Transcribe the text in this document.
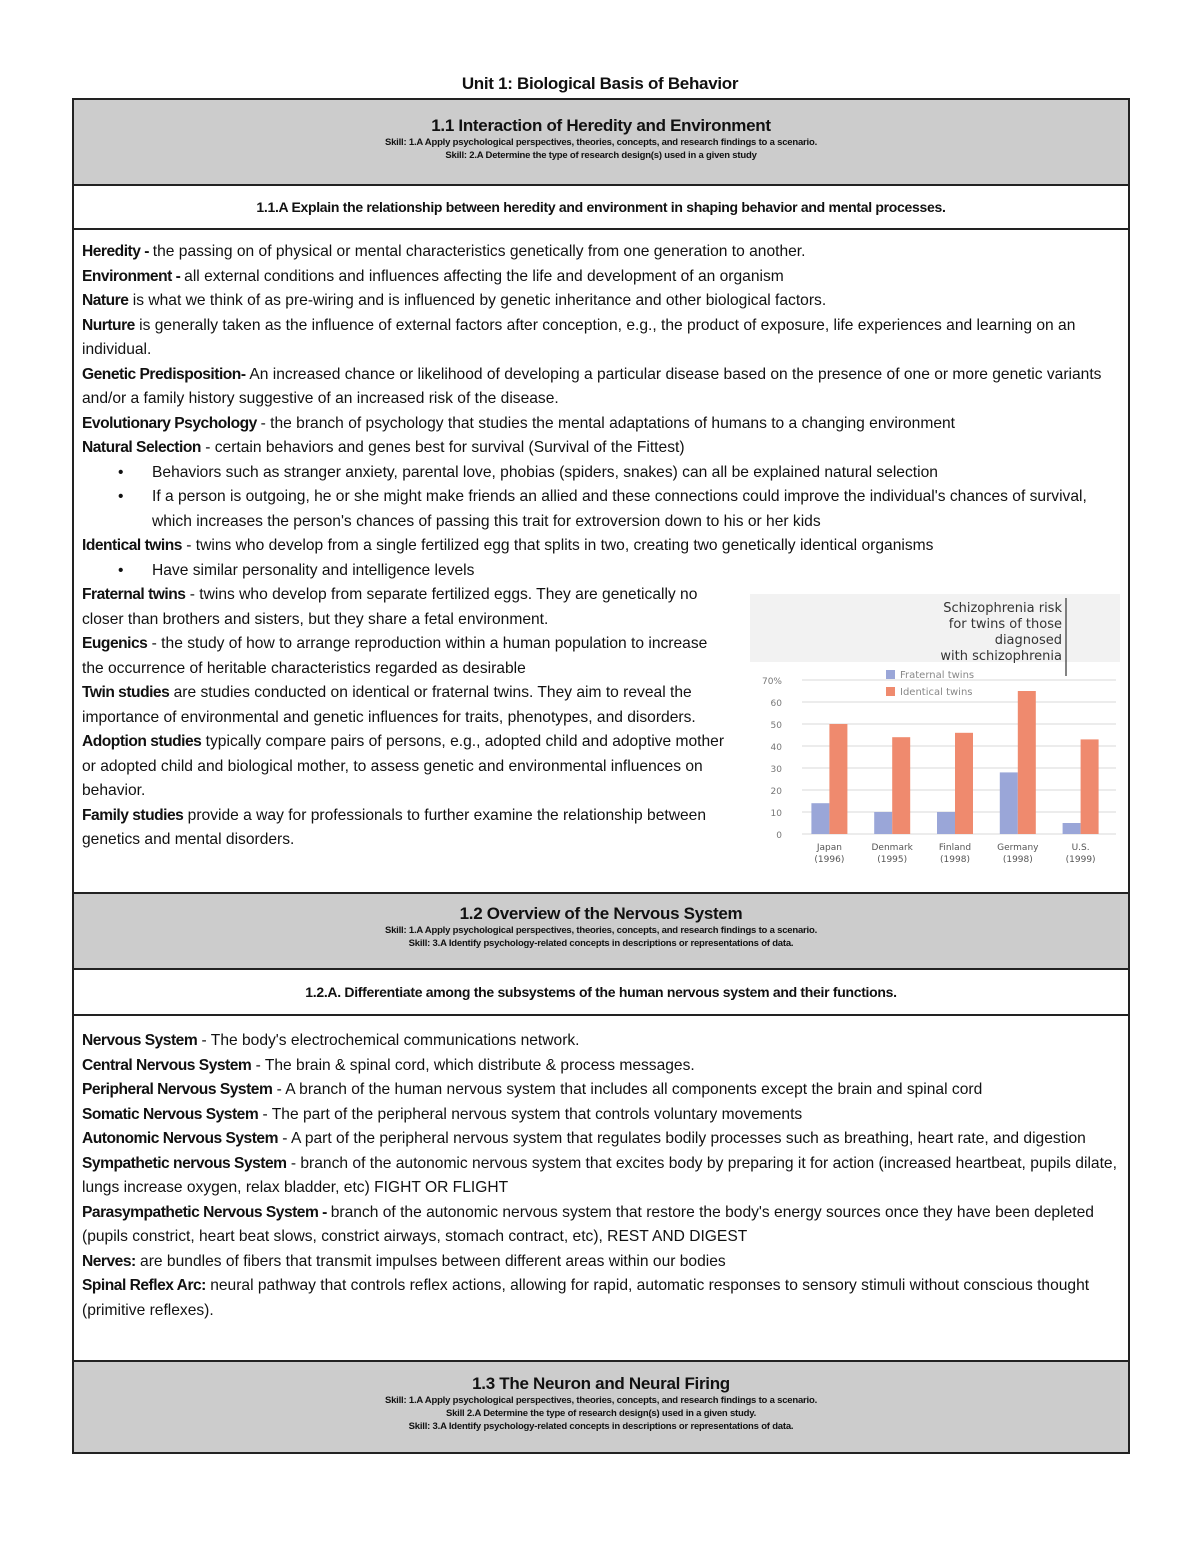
Unit 1: Biological Basis of Behavior
1.1 Interaction of Heredity and Environment
Skill: 1.A Apply psychological perspectives, theories, concepts, and research findings to a scenario.
Skill: 2.A Determine the type of research design(s) used in a given study
1.1.A Explain the relationship between heredity and environment in shaping behavior and mental processes.

Heredity - the passing on of physical or mental characteristics genetically from one generation to another.

Environment - all external conditions and influences affecting the life and development of an organism

Nature is what we think of as pre-wiring and is influenced by genetic inheritance and other biological factors.

Nurture is generally taken as the influence of external factors after conception, e.g., the product of exposure, life experiences and learning on an individual.

Genetic Predisposition- An increased chance or likelihood of developing a particular disease based on the presence of one or more genetic variants and/or a family history suggestive of an increased risk of the disease.

Evolutionary Psychology - the branch of psychology that studies the mental adaptations of humans to a changing environment

Natural Selection - certain behaviors and genes best for survival (Survival of the Fittest)

• Behaviors such as stranger anxiety, parental love, phobias (spiders, snakes) can all be explained natural selection

• If a person is outgoing, he or she might make friends an allied and these connections could improve the individual's chances of survival, which increases the person's chances of passing this trait for extroversion down to his or her kids

Identical twins - twins who develop from a single fertilized egg that splits in two, creating two genetically identical organisms

• Have similar personality and intelligence levels

Fraternal twins - twins who develop from separate fertilized eggs. They are genetically no closer than brothers and sisters, but they share a fetal environment.

Eugenics - the study of how to arrange reproduction within a human population to increase the occurrence of heritable characteristics regarded as desirable

Twin studies are studies conducted on identical or fraternal twins. They aim to reveal the importance of environmental and genetic influences for traits, phenotypes, and disorders.

Adoption studies typically compare pairs of persons, e.g., adopted child and adoptive mother or adopted child and biological mother, to assess genetic and environmental influences on behavior.

Family studies provide a way for professionals to further examine the relationship between genetics and mental disorders.

Schizophrenia risk
for twins of those
diagnosed
with schizophrenia
70%
60
50
40
30
20
10
0
Japan
(1996)
Denmark
(1995)
Finland
(1998)
Germany
(1998)
U.S.
(1999)
Fraternal twins
Identical twins
1.2 Overview of the Nervous System
Skill: 1.A Apply psychological perspectives, theories, concepts, and research findings to a scenario.
Skill: 3.A Identify psychology-related concepts in descriptions or representations of data.
1.2.A. Differentiate among the subsystems of the human nervous system and their functions.

Nervous System - The body's electrochemical communications network.

Central Nervous System - The brain & spinal cord, which distribute & process messages.

Peripheral Nervous System - A branch of the human nervous system that includes all components except the brain and spinal cord

Somatic Nervous System - The part of the peripheral nervous system that controls voluntary movements

Autonomic Nervous System - A part of the peripheral nervous system that regulates bodily processes such as breathing, heart rate, and digestion

Sympathetic nervous System - branch of the autonomic nervous system that excites body by preparing it for action (increased heartbeat, pupils dilate, lungs increase oxygen, relax bladder, etc) FIGHT OR FLIGHT

Parasympathetic Nervous System - branch of the autonomic nervous system that restore the body's energy sources once they have been depleted (pupils constrict, heart beat slows, constrict airways, stomach contract, etc), REST AND DIGEST

Nerves: are bundles of fibers that transmit impulses between different areas within our bodies

Spinal Reflex Arc: neural pathway that controls reflex actions, allowing for rapid, automatic responses to sensory stimuli without conscious thought (primitive reflexes).

1.3 The Neuron and Neural Firing
Skill: 1.A Apply psychological perspectives, theories, concepts, and research findings to a scenario.
Skill 2.A Determine the type of research design(s) used in a given study.
Skill: 3.A Identify psychology-related concepts in descriptions or representations of data.
